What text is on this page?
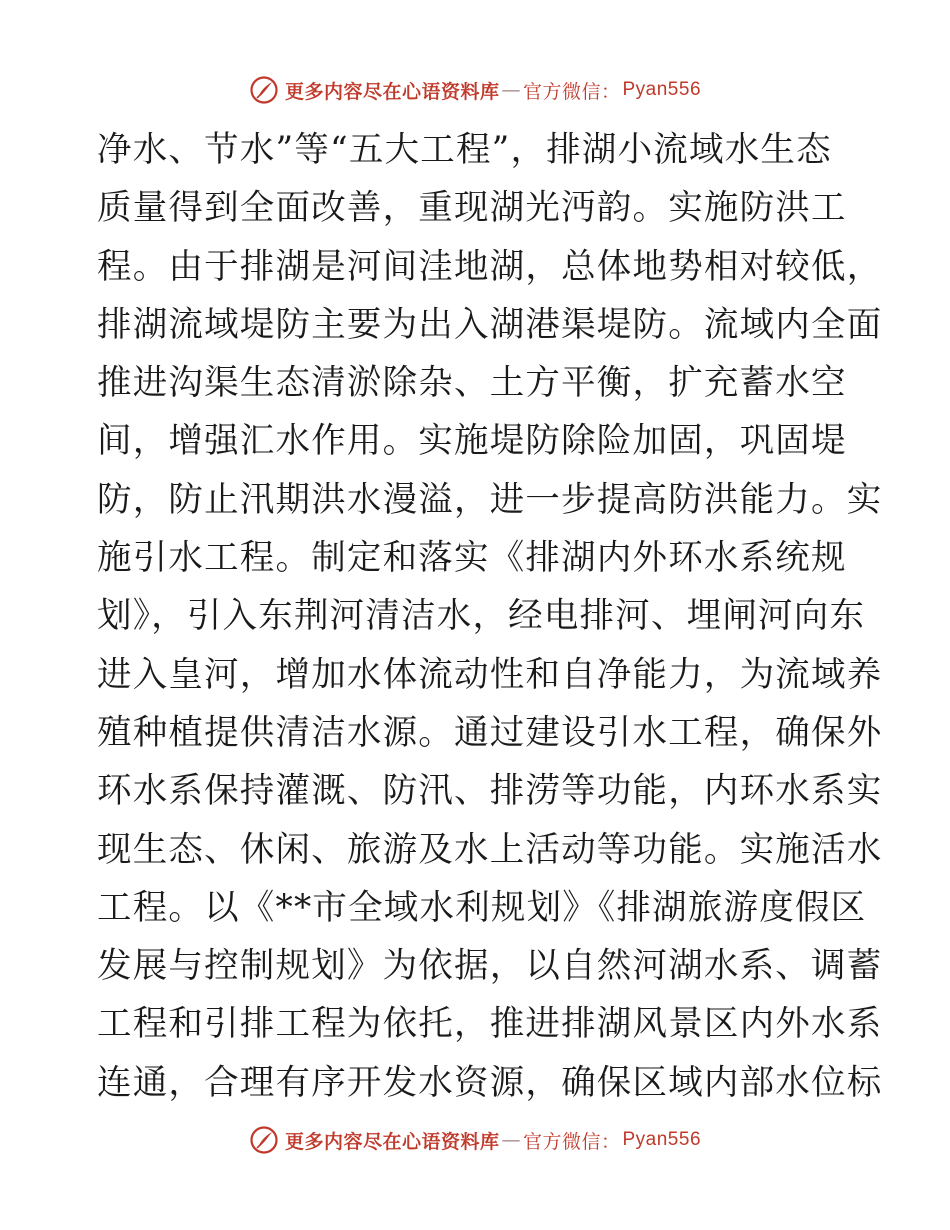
更多内容尽在心语资料库 — 官方微信： Pyan556
净水、节水”等“五大工程”，排湖小流域水生态
质量得到全面改善，重现湖光沔韵。实施防洪工
程。由于排湖是河间洼地湖，总体地势相对较低，
排湖流域堤防主要为出入湖港渠堤防。流域内全面
推进沟渠生态清淤除杂、土方平衡，扩充蓄水空
间，增强汇水作用。实施堤防除险加固，巩固堤
防，防止汛期洪水漫溢，进一步提高防洪能力。实
施引水工程。制定和落实《排湖内外环水系统规
划》，引入东荆河清洁水，经电排河、埋闸河向东
进入皇河，增加水体流动性和自净能力，为流域养
殖种植提供清洁水源。通过建设引水工程，确保外
环水系保持灌溉、防汛、排涝等功能，内环水系实
现生态、休闲、旅游及水上活动等功能。实施活水
工程。以《**市全域水利规划》《排湖旅游度假区
发展与控制规划》为依据，以自然河湖水系、调蓄
工程和引排工程为依托，推进排湖风景区内外水系
连通，合理有序开发水资源，确保区域内部水位标
更多内容尽在心语资料库 — 官方微信： Pyan556
